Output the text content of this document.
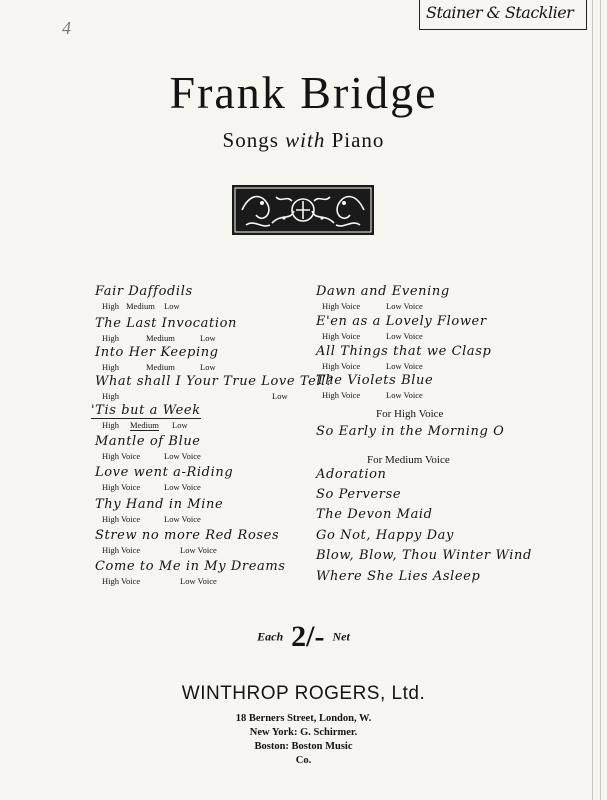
4
Stainer & Stacklier
Frank Bridge
Songs with Piano
Fair Daffodils
High Medium Low
The Last Invocation
High	Medium	Low
Into Her Keeping
High	Medium	Low
What shall I Your True Love Tell?
High	Low
'Tis but a Week
High Medium Low
Mantle of Blue
High Voice	Low Voice
Love went a-Riding
High Voice	Low Voice
Thy Hand in Mine
High Voice	Low Voice
Strew no more Red Roses
High Voice	Low Voice
Come to Me in My Dreams
High Voice	Low Voice
Dawn and Evening
High Voice	Low Voice
E'en as a Lovely Flower
High Voice	Low Voice
All Things that we Clasp
High Voice	Low Voice
The Violets Blue
High Voice	Low Voice
For High Voice
So Early in the Morning O
For Medium Voice
Adoration
So Perverse
The Devon Maid
Go Not, Happy Day
Blow, Blow, Thou Winter Wind
Where She Lies Asleep
Each 2/- Net
WINTHROP ROGERS, Ltd.
18 Berners Street, London, W.
New York: G. Schirmer.
Boston: Boston Music
Co.
